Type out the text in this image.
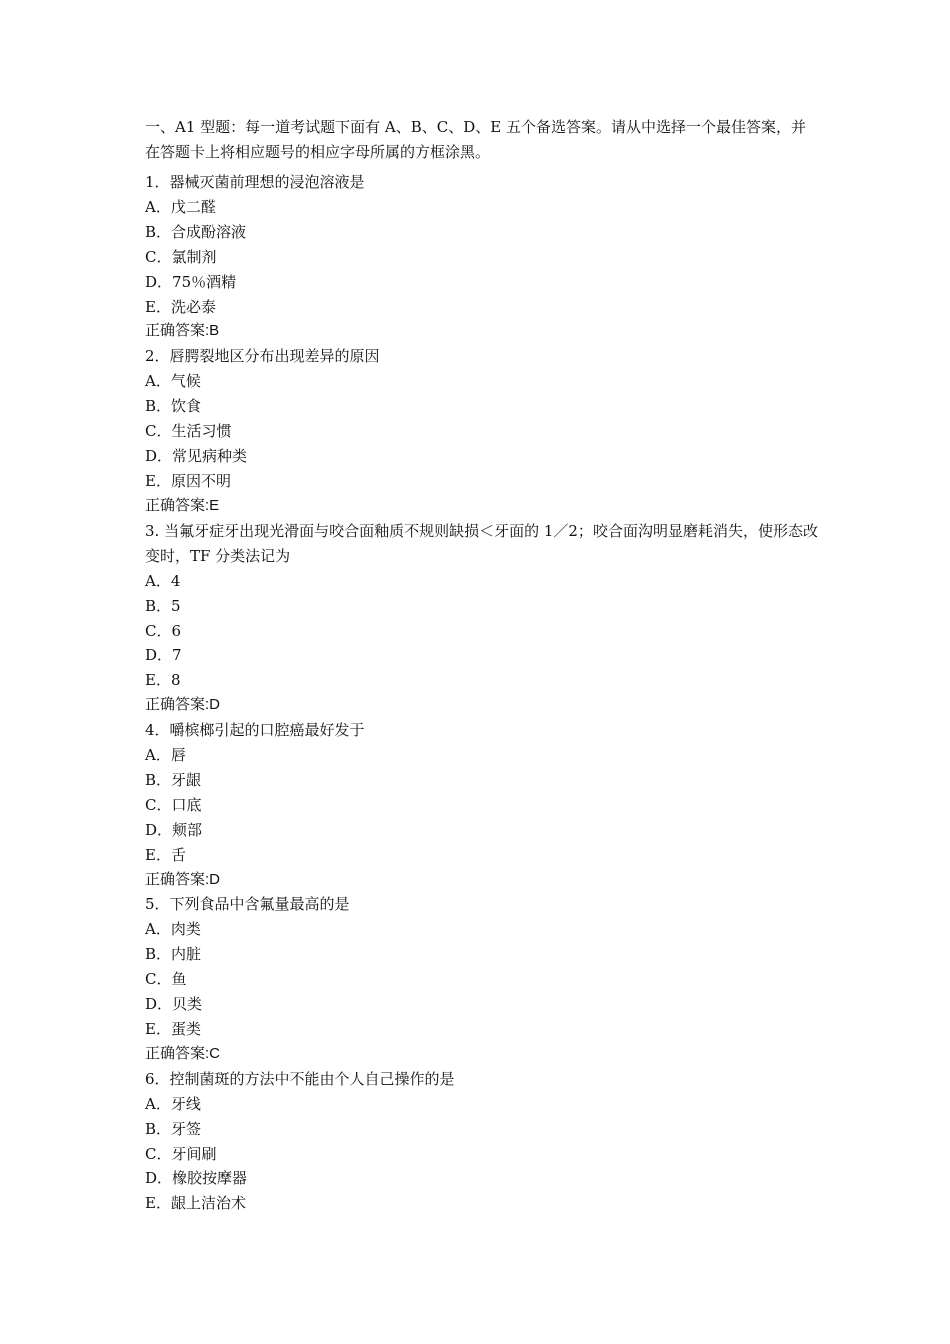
一、A1 型题：每一道考试题下面有 A、B、C、D、E 五个备选答案。请从中选择一个最佳答案，并在答题卡上将相应题号的相应字母所属的方框涂黑。
1．器械灭菌前理想的浸泡溶液是
A．戊二醛
B．合成酚溶液
C．氯制剂
D．75％酒精
E．洗必泰
正确答案:B
2．唇腭裂地区分布出现差异的原因
A．气候
B．饮食
C．生活习惯
D．常见病种类
E．原因不明
正确答案:E
3. 当氟牙症牙出现光滑面与咬合面釉质不规则缺损＜牙面的 1／2；咬合面沟明显磨耗消失，使形态改变时，TF 分类法记为
A．4
B．5
C．6
D．7
E．8
正确答案:D
4．嚼槟榔引起的口腔癌最好发于
A．唇
B．牙龈
C．口底
D．颊部
E．舌
正确答案:D
5．下列食品中含氟量最高的是
A．肉类
B．内脏
C．鱼
D．贝类
E．蛋类
正确答案:C
6．控制菌斑的方法中不能由个人自己操作的是
A．牙线
B．牙签
C．牙间刷
D．橡胶按摩器
E．龈上洁治术
